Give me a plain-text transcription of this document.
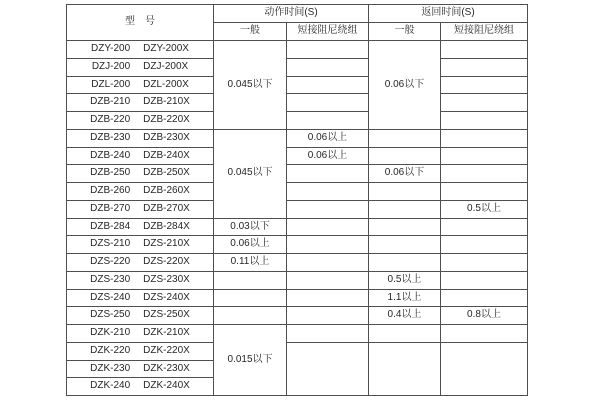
型　号	动作时间(S)		返回时间(S)	
	一般	短接阻尼绕组	一般	短接阻尼绕组
DZY-200 DZY-200X	0.045以下		0.06以下	
DZJ-200 DZJ-200X				
DZL-200 DZL-200X				
DZB-210 DZB-210X				
DZB-220 DZB-220X				
DZB-230 DZB-230X	0.045以下	0.06以上		
DZB-240 DZB-240X		0.06以上		
DZB-250 DZB-250X			0.06以下	
DZB-260 DZB-260X				
DZB-270 DZB-270X				0.5以上
DZB-284 DZB-284X	0.03以下			
DZS-210 DZS-210X	0.06以上			
DZS-220 DZS-220X	0.11以上			
DZS-230 DZS-230X			0.5以上	
DZS-240 DZS-240X			1.1以上	
DZS-250 DZS-250X			0.4以上	0.8以上
DZK-210 DZK-210X	0.015以下			
DZK-220 DZK-220X				
DZK-230 DZK-230X				
DZK-240 DZK-240X				
